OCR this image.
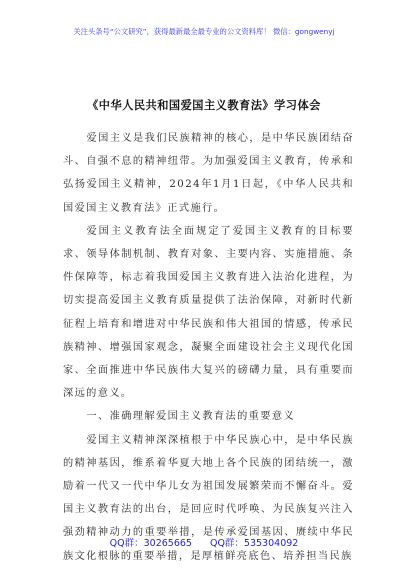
关注头条号“公文研究”，获得最新最全最专业的公文资料库！ 微信：gongwenyj
《中华人民共和国爱国主义教育法》学习体会

爱国主义是我们民族精神的核心，是中华民族团结奋斗、自强不息的精神纽带。为加强爱国主义教育，传承和弘扬爱国主义精神，2024年1月1日起，《中华人民共和国爱国主义教育法》正式施行。

爱国主义教育法全面规定了爱国主义教育的目标要求、领导体制机制、教育对象、主要内容、实施措施、条件保障等，标志着我国爱国主义教育进入法治化进程，为切实提高爱国主义教育质量提供了法治保障，对新时代新征程上培育和增进对中华民族和伟大祖国的情感，传承民族精神、增强国家观念，凝聚全面建设社会主义现代化国家、全面推进中华民族伟大复兴的磅礴力量，具有重要而深远的意义。

一、准确理解爱国主义教育法的重要意义

爱国主义精神深深植根于中华民族心中，是中华民族的精神基因，维系着华夏大地上各个民族的团结统一，激励着一代又一代中华儿女为祖国发展繁荣而不懈奋斗。爱国主义教育法的出台，是回应时代呼唤、为民族复兴注入强劲精神动力的重要举措，是传承爱国基因、赓续中华民族文化根脉的重要举措，是厚植鲜亮底色、培养担当民族

QQ群：30265665 QQ群：535304092
